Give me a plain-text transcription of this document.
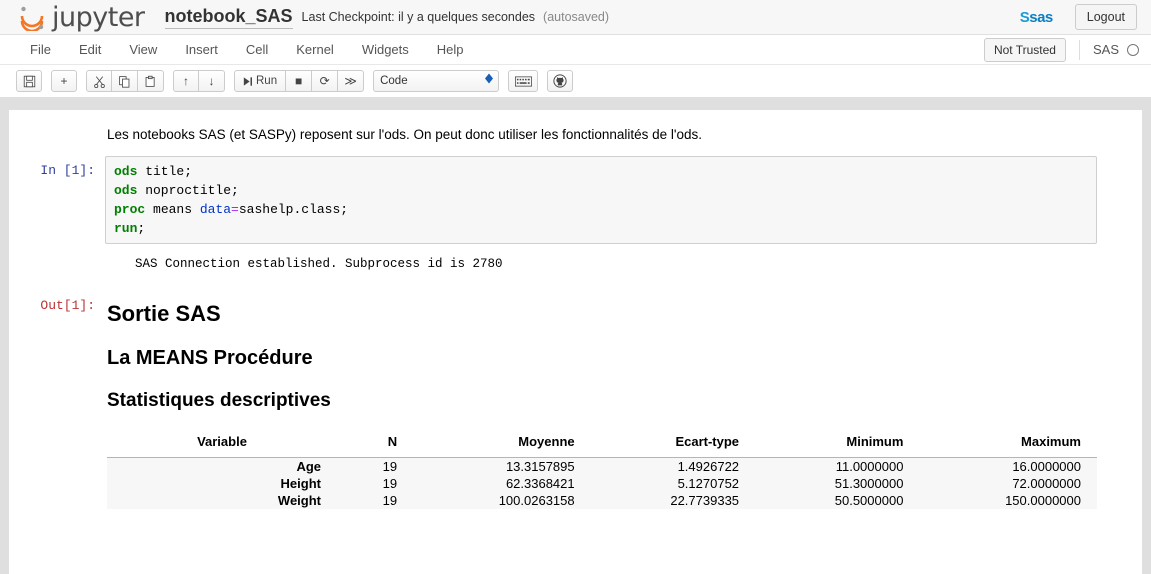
jupyter notebook_SAS Last Checkpoint: il y a quelques secondes (autosaved)	Ssas	Logout
File	Edit	View	Insert	Cell	Kernel	Widgets	Help	Not Trusted	SAS
+	↑	↓	Run	■	⟳	≫	Code
Les notebooks SAS (et SASPy) reposent sur l'ods. On peut donc utiliser les fonctionnalités de l'ods.
In [1]:	ods title;
ods noproctitle;
proc means data=sashelp.class;
run;
SAS Connection established. Subprocess id is 2780
Out[1]: Sortie SAS
La MEANS Procédure
Statistiques descriptives
Variable	N	Moyenne	Ecart-type	Minimum	Maximum
Age	19	13.3157895	1.4926722	11.0000000	16.0000000
Height	19	62.3368421	5.1270752	51.3000000	72.0000000
Weight	19	100.0263158	22.7739335	50.5000000	150.0000000
